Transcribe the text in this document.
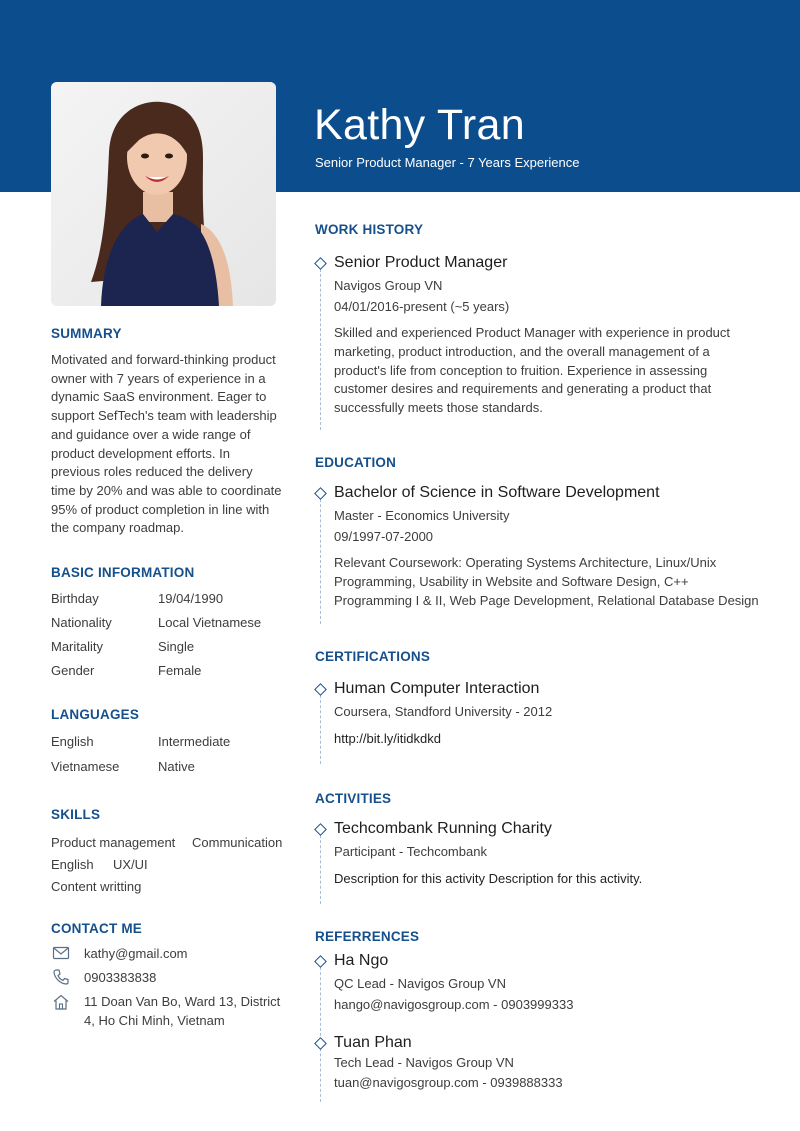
Kathy Tran
Senior Product Manager - 7 Years Experience
SUMMARY
Motivated and forward-thinking product
owner with 7 years of experience in a
dynamic SaaS environment. Eager to
support SefTech's team with leadership
and guidance over a wide range of
product development efforts. In
previous roles reduced the delivery
time by 20% and was able to coordinate
95% of product completion in line with
the company roadmap.
BASIC INFORMATION
Birthday	19/04/1990
Nationality	Local Vietnamese
Maritality	Single
Gender	Female
LANGUAGES
English	Intermediate
Vietnamese	Native
SKILLS
Product management Communication
English UX/UI
Content writting
CONTACT ME
kathy@gmail.com
0903383838
11 Doan Van Bo, Ward 13, District
4, Ho Chi Minh, Vietnam
WORK HISTORY
Senior Product Manager
Navigos Group VN
04/01/2016-present (~5 years)
Skilled and experienced Product Manager with experience in product
marketing, product introduction, and the overall management of a
product's life from conception to fruition. Experience in assessing
customer desires and requirements and generating a product that
successfully meets those standards.
EDUCATION
Bachelor of Science in Software Development
Master - Economics University
09/1997-07-2000
Relevant Coursework: Operating Systems Architecture, Linux/Unix
Programming, Usability in Website and Software Design, C++
Programming I & II, Web Page Development, Relational Database Design
CERTIFICATIONS
Human Computer Interaction
Coursera, Standford University - 2012
http://bit.ly/itidkdkd
ACTIVITIES
Techcombank Running Charity
Participant - Techcombank
Description for this activity Description for this activity.
REFERRENCES
Ha Ngo
QC Lead - Navigos Group VN
hango@navigosgroup.com - 0903999333
Tuan Phan
Tech Lead - Navigos Group VN
tuan@navigosgroup.com - 0939888333
